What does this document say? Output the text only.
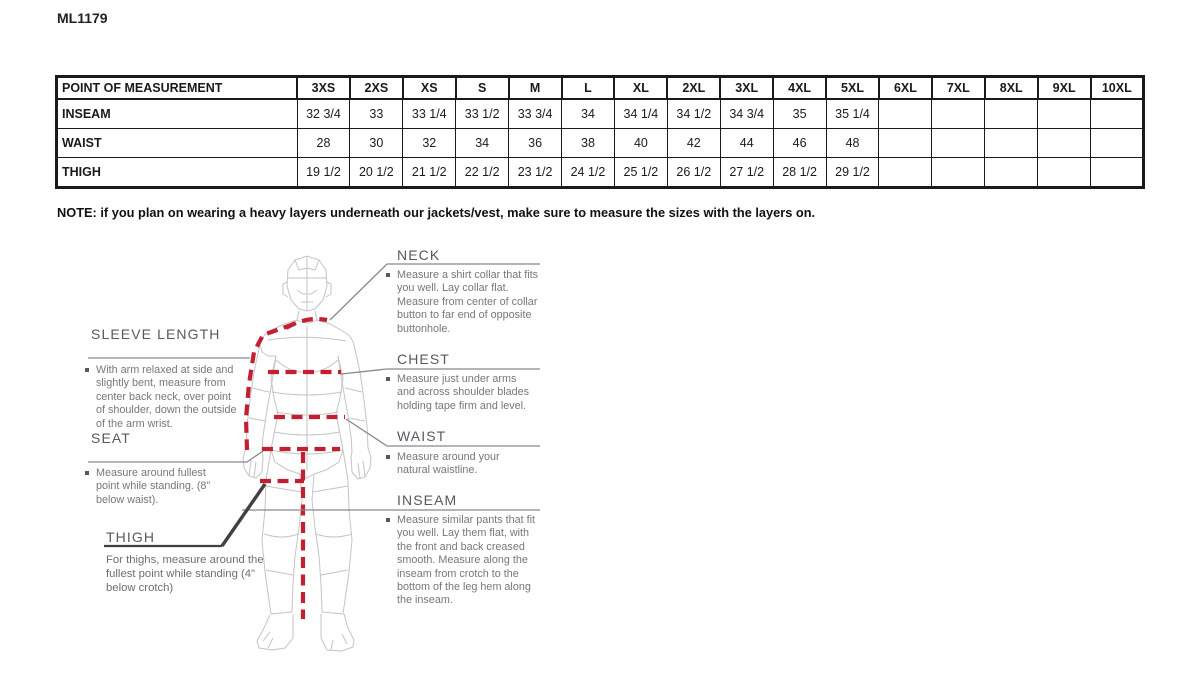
ML1179
POINT OF MEASUREMENT	3XS	2XS	XS	S	M	L	XL	2XL	3XL	4XL	5XL	6XL	7XL	8XL	9XL	10XL
INSEAM	32 3/4	33	33 1/4	33 1/2	33 3/4	34	34 1/4	34 1/2	34 3/4	35	35 1/4					
WAIST	28	30	32	34	36	38	40	42	44	46	48					
THIGH	19 1/2	20 1/2	21 1/2	22 1/2	23 1/2	24 1/2	25 1/2	26 1/2	27 1/2	28 1/2	29 1/2					
NOTE: if you plan on wearing a heavy layers underneath our jackets/vest, make sure to measure the sizes with the layers on.
SLEEVE LENGTH

With arm relaxed at side and slightly bent, measure from center back neck, over point of shoulder, down the outside of the arm wrist.

SEAT

Measure around fullest point while standing. (8" below waist).

THIGH

For thighs, measure around the fullest point while standing (4" below crotch)

NECK

Measure a shirt collar that fits you well. Lay collar flat. Measure from center of collar button to far end of opposite buttonhole.

CHEST

Measure just under arms and across shoulder blades holding tape firm and level.

WAIST

Measure around your natural waistline.

INSEAM

Measure similar pants that fit you well. Lay them flat, with the front and back creased smooth. Measure along the inseam from crotch to the bottom of the leg hem along the inseam.
